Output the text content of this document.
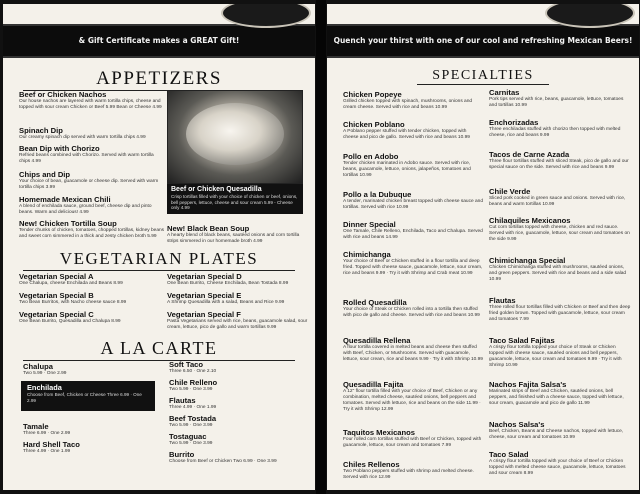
& Gift Certificate makes a GREAT Gift!
APPETIZERS
Beef or Chicken Nachos
Our house nachos are layered with warm tortilla chips, cheese and topped with sour cream Chicken or Beef 5.99 Bean or Cheese 4.99
Spinach Dip
Our creamy spinach dip served with warm tortilla chips 4.99
Bean Dip with Chorizo
Refried beans combined with Chorizo. Served with warm tortilla chips 4.99
Chips and Dip
Your choice of bean, guacamole or cheese dip. Served with warm tortilla chips 3.99
Homemade Mexican Chili
A blend of enchilada sauce, ground beef, cheese dip and pinto beans. Warm and delicious! 4.99
New! Chicken Tortilla Soup
Tender chunks of chicken, tomatoes, chopped tortillas, kidney beans and sweet corn simmered in a thick and zesty chicken broth 5.99
Beef or Chicken Quesadilla
Crisp tortillas filled with your choice of chicken or beef, onions, bell peppers, lettuce, cheese and sour cream 5.99 - Cheese only 4.99
New! Black Bean Soup
A hearty blend of black beans, sautéed onions and corn tortilla strips simmered in our homemade broth 4.99
VEGETARIAN PLATES
Vegetarian Special A
One Chalupa, cheese Enchilada and Beans 8.99
Vegetarian Special D
One Bean Burrito, Cheese Enchilada, Bean Tostada 8.99
Vegetarian Special B
Two Bean Burritos, with Nacho cheese sauce 8.99
Vegetarian Special E
A Shrimp Quesadilla with a salad, Beans and Rice 9.99
Vegetarian Special C
One Bean Burrito, Quesadilla and Chalupa 8.99
Vegetarian Special F
Pasta Vegetarians served with rice, beans, guacamole salad, sour cream, lettuce, pico de gallo and warm tortillas 9.99
A LA CARTE
Chalupa
Two 5.99 · One 2.99
Enchilada
Choose from Beef, Chicken or Cheese Three 6.99 · One 2.99
Tamale
Three 6.99 · One 2.99
Hard Shell Taco
Three 4.99 · One 1.99
Soft Taco
Three 6.50 · One 2.10
Chile Relleno
Two 5.99 · One 3.99
Flautas
Three 4.99 · One 1.99
Beef Tostada
Two 5.99 · One 3.99
Tostaguac
Two 5.99 · One 3.99
Burrito
Choose from Beef or Chicken Two 6.99 · One 3.99
Quench your thirst with one of our cool and refreshing Mexican Beers!
SPECIALTIES
Chicken Popeye
Grilled chicken topped with spinach, mushrooms, onions and cream cheese. Served with rice and beans 10.99
Chicken Poblano
A Poblano pepper stuffed with tender chicken, topped with cheese and pico de gallo. Served with rice and beans 10.99
Pollo en Adobo
Tender chicken marinated in Adobo sauce. Served with rice, beans, guacamole, lettuce, onions, jalapeños, tomatoes and tortillas 10.99
Pollo a la Dubuque
A tender, marinated chicken breast topped with cheese sauce and tortillas. Served with rice 10.99
Dinner Special
One Tamale, Chile Relleno, Enchilada, Taco and Chalupa. Served with rice and beans 14.99
Chimichanga
Your choice of Beef or Chicken stuffed in a flour tortilla and deep fried. Topped with cheese sauce, guacamole, lettuce, sour cream, rice and beans 9.99 · Try it with Shrimp and Crab meat 10.99
Rolled Quesadilla
Your choice of Steak or Chicken rolled into a tortilla then stuffed with pico de gallo and cheese. Served with rice and beans 10.99
Quesadilla Rellena
A flour tortilla covered in melted beans and cheese then stuffed with Beef, Chicken, or Mushrooms. Served with guacamole, lettuce, sour cream, rice and beans 9.99 · Try it with Shrimp 10.99
Quesadilla Fajita
A 12" flour tortilla filled with your choice of Beef, Chicken or any combination, melted cheese, sautéed onions, bell peppers and tomatoes. Served with lettuce, rice and beans on the side 11.99 · Try it with Shrimp 12.99
Taquitos Mexicanos
Four rolled corn tortillas stuffed with Beef or Chicken, topped with guacamole, lettuce, sour cream and tomatoes 7.99
Chiles Rellenos
Two Poblano peppers stuffed with shrimp and melted cheese. Served with rice 12.99
Carnitas
Pork tips served with rice, beans, guacamole, lettuce, tomatoes and tortillas 10.99
Enchorizadas
Three enchiladas stuffed with chorizo then topped with melted cheese, rice and beans 9.99
Tacos de Carne Azada
Three flour tortillas stuffed with sliced Steak, pico de gallo and our special sauce on the side. Served with rice and beans 9.99
Chile Verde
Sliced pork cooked in green sauce and onions. Served with rice, beans and warm tortillas 10.99
Chilaquiles Mexicanos
Cut corn tortillas topped with cheese, chicken and red sauce. Served with rice, guacamole, lettuce, sour cream and tomatoes on the side 9.99
Chimichanga Special
Chicken Chimichanga stuffed with mushrooms, sautéed onions, and green peppers. Served with rice and beans and a side salad 10.99
Flautas
Three rolled flour tortillas filled with Chicken or Beef and then deep fried golden brown. Topped with guacamole, lettuce, sour cream and tomatoes 7.99
Taco Salad Fajitas
A crispy flour tortilla topped your choice of Steak or Chicken topped with cheese sauce, sautéed onions and bell peppers, guacamole, lettuce, sour cream and tomatoes 9.99 · Try it with Shrimp 10.99
Nachos Fajita Salsa's
Marinated strips of Beef and Chicken, sautéed onions, bell peppers, and finished with a cheese sauce, topped with lettuce, sour cream, guacamole and pico de gallo 11.99
Nachos Salsa's
Beef, Chicken, Beans and Cheese nachos, topped with lettuce, cheese, sour cream and tomatoes 10.99
Taco Salad
A crispy flour tortilla topped with your choice of Beef or Chicken topped with melted cheese sauce, guacamole, lettuce, tomatoes and sour cream 8.99
